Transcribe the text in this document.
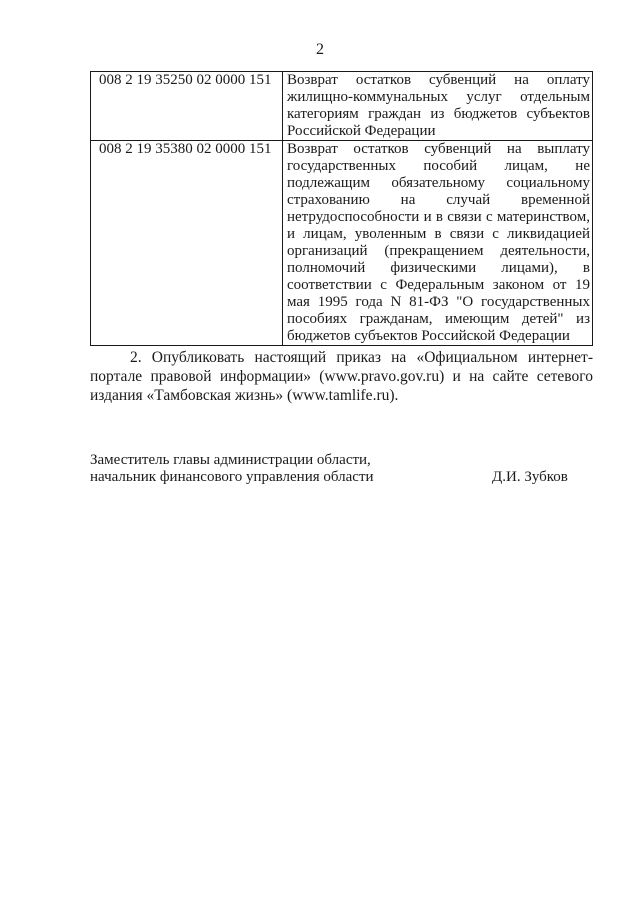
2
008 2 19 35250 02 0000 151	Возврат остатков субвенций на оплату жилищно-коммунальных услуг отдельным категориям граждан из бюджетов субъектов Российской Федерации
008 2 19 35380 02 0000 151	Возврат остатков субвенций на выплату государственных пособий лицам, не подлежащим обязательному социальному страхованию на случай временной нетрудоспособности и в связи с материнством, и лицам, уволенным в связи с ликвидацией организаций (прекращением деятельности, полномочий физическими лицами), в соответствии с Федеральным законом от 19 мая 1995 года N 81-ФЗ "О государственных пособиях гражданам, имеющим детей" из бюджетов субъектов Российской Федерации

2. Опубликовать настоящий приказ на «Официальном интернет-портале правовой информации» (www.pravo.gov.ru) и на сайте сетевого издания «Тамбовская жизнь» (www.tamlife.ru).

Заместитель главы администрации области,
начальник финансового управления области	Д.И. Зубков
